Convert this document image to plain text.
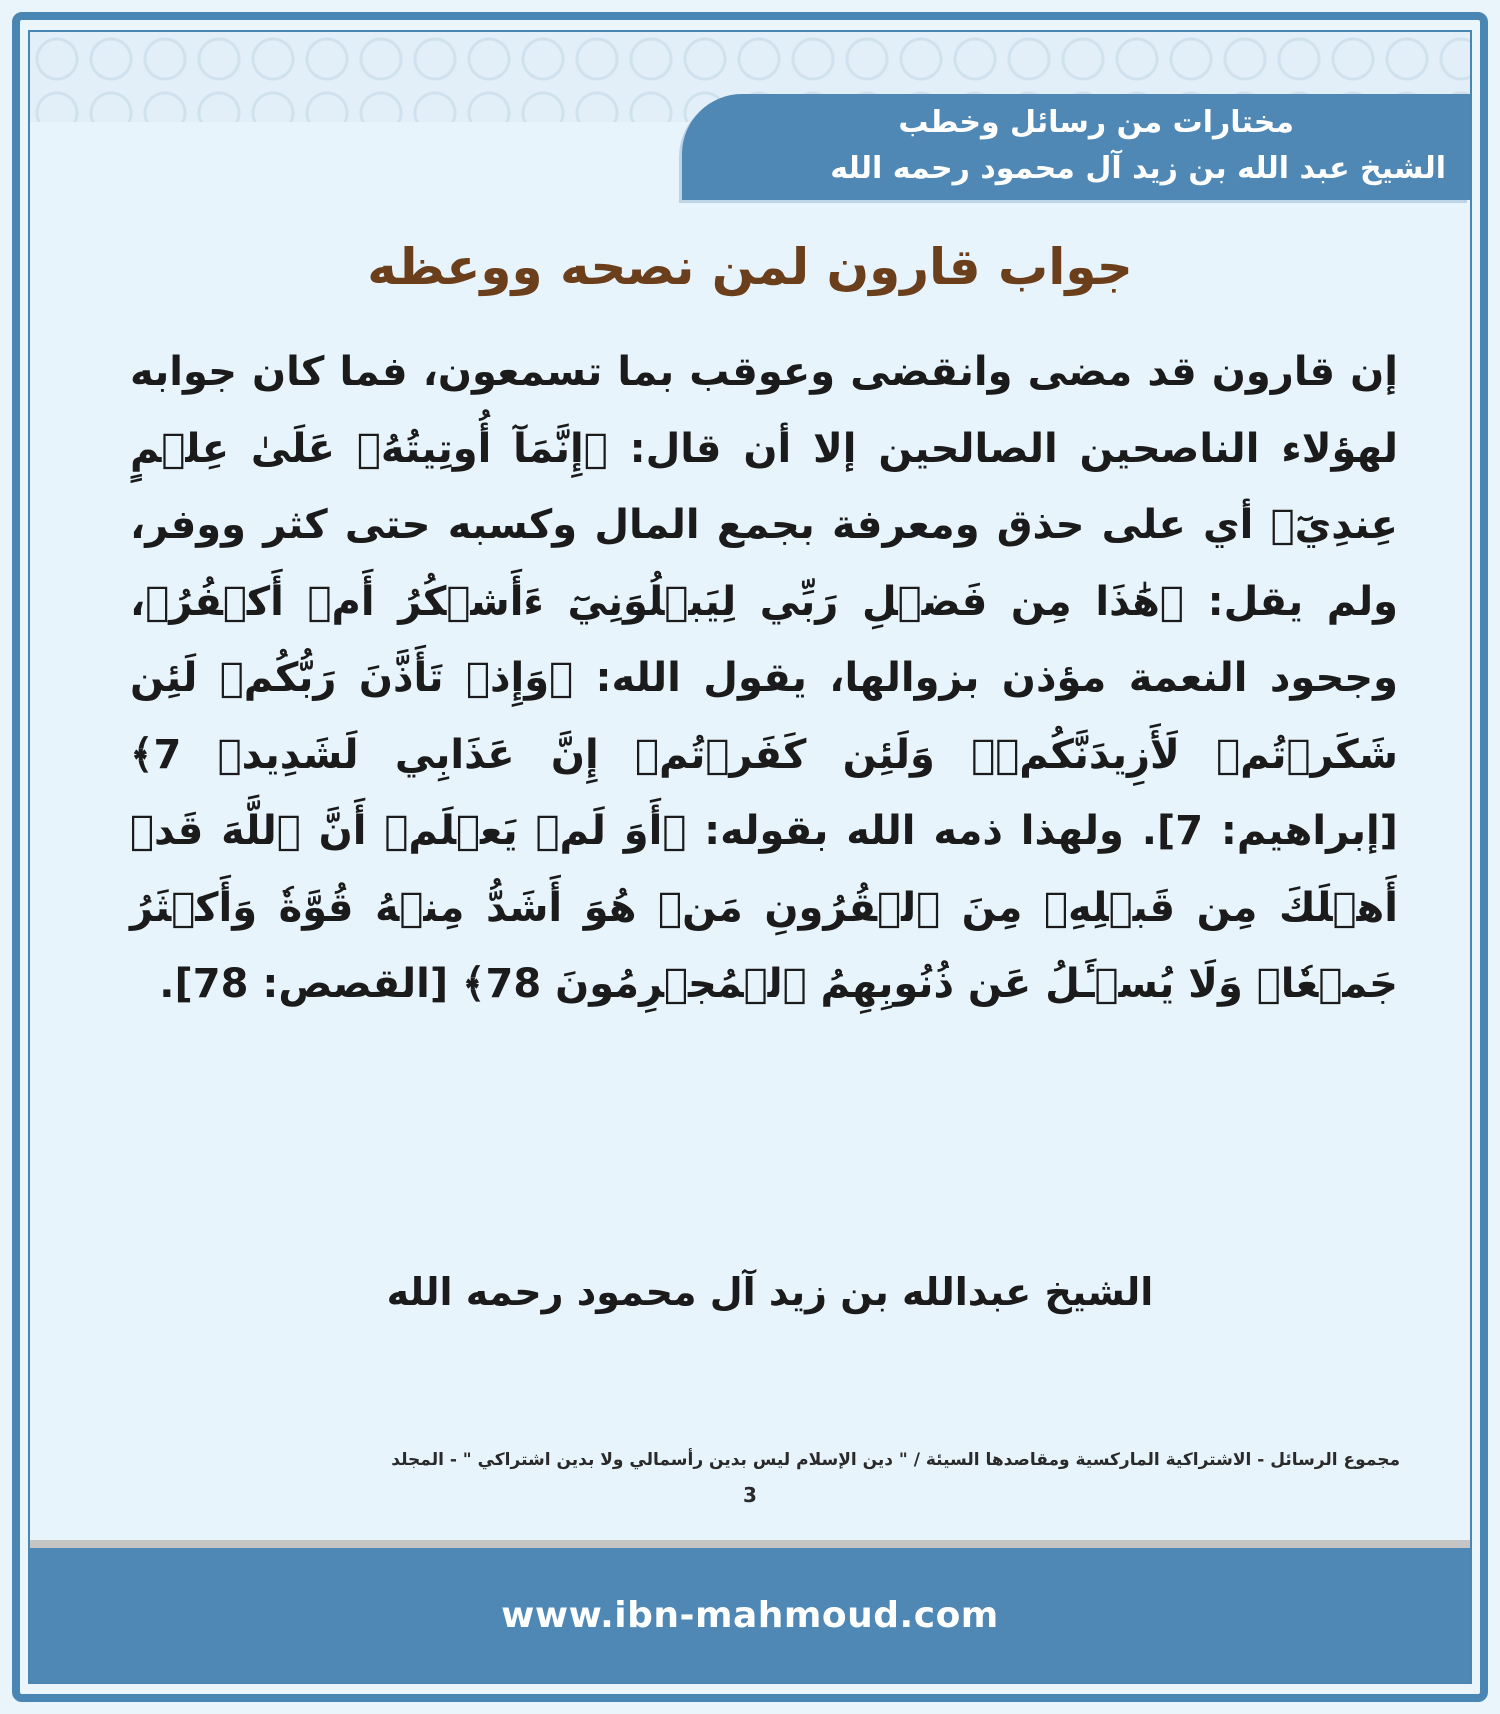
مختارات من رسائل وخطب
الشيخ عبد الله بن زيد آل محمود رحمه الله
جواب قارون لمن نصحه ووعظه
إن قارون قد مضى وانقضى وعوقب بما تسمعون، فما كان جوابه لهؤلاء الناصحين الصالحين إلا أن قال: ﴿إِنَّمَآ أُوتِيتُهُۥ عَلَىٰ عِلۡمٍ عِندِيٓ﴾ أي على حذق ومعرفة بجمع المال وكسبه حتى كثر ووفر، ولم يقل: ﴿هَٰذَا مِن فَضۡلِ رَبِّي لِيَبۡلُوَنِيٓ ءَأَشۡكُرُ أَمۡ أَكۡفُرُ﴾، وجحود النعمة مؤذن بزوالها، يقول الله: ﴿وَإِذۡ تَأَذَّنَ رَبُّكُمۡ لَئِن شَكَرۡتُمۡ لَأَزِيدَنَّكُمۡۖ وَلَئِن كَفَرۡتُمۡ إِنَّ عَذَابِي لَشَدِيدٞ 7﴾ [إبراهيم: 7]. ولهذا ذمه الله بقوله: ﴿أَوَ لَمۡ يَعۡلَمۡ أَنَّ ٱللَّهَ قَدۡ أَهۡلَكَ مِن قَبۡلِهِۦ مِنَ ٱلۡقُرُونِ مَنۡ هُوَ أَشَدُّ مِنۡهُ قُوَّةٗ وَأَكۡثَرُ جَمۡعٗاۚ وَلَا يُسۡـَٔلُ عَن ذُنُوبِهِمُ ٱلۡمُجۡرِمُونَ 78﴾ [القصص: 78].
الشيخ عبدالله بن زيد آل محمود رحمه الله
مجموع الرسائل - الاشتراكية الماركسية ومقاصدها السيئة / " دين الإسلام ليس بدين رأسمالي ولا بدين اشتراكي " - المجلد
3
www.ibn-mahmoud.com
